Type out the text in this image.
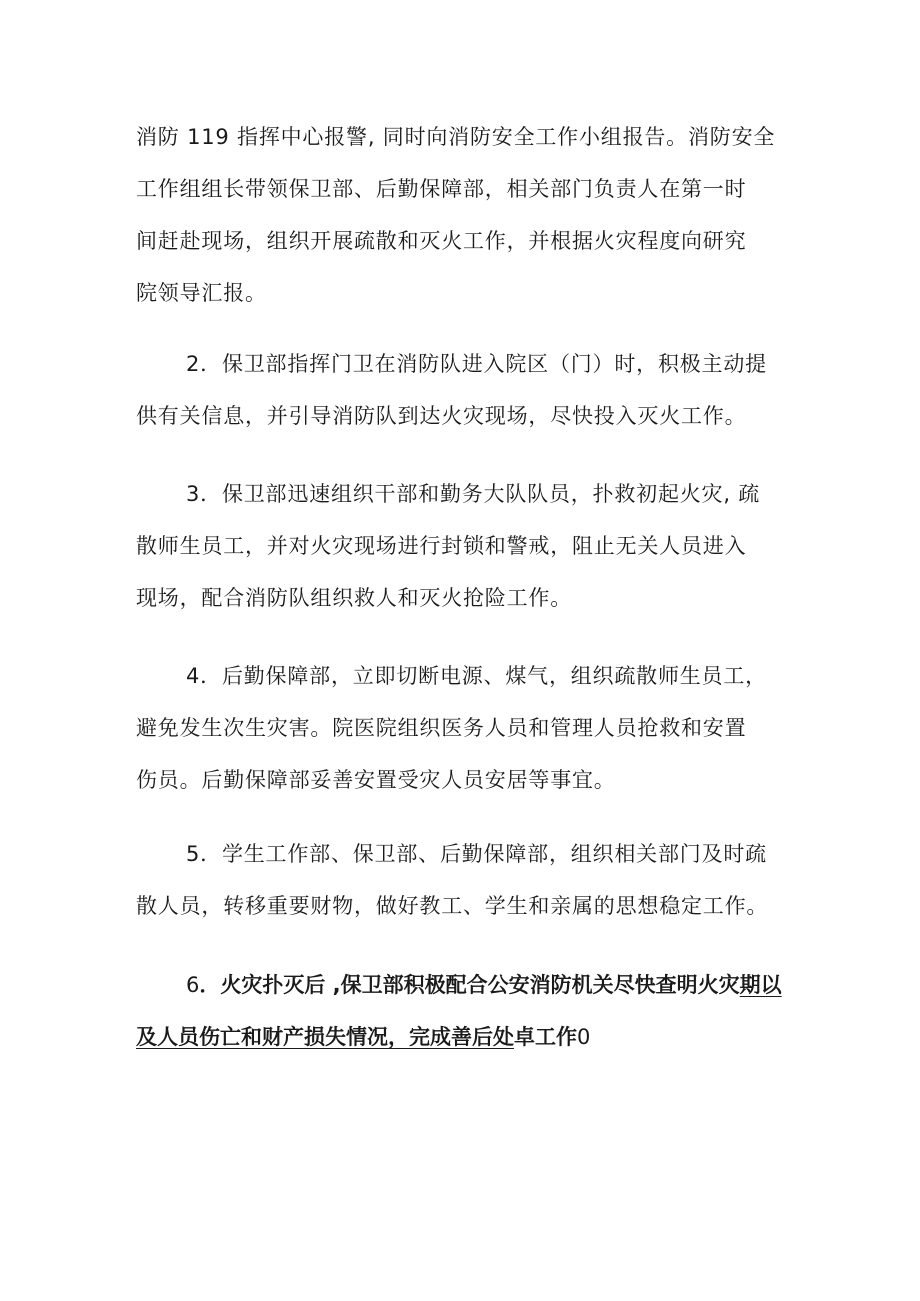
消防 119 指挥中心报警, 同时向消防安全工作小组报告。消防安全
工作组组长带领保卫部、后勤保障部，相关部门负责人在第一时
间赶赴现场，组织开展疏散和灭火工作，并根据火灾程度向研究
院领导汇报。
2．保卫部指挥门卫在消防队进入院区（门）时，积极主动提
供有关信息，并引导消防队到达火灾现场，尽快投入灭火工作。
3．保卫部迅速组织干部和勤务大队队员，扑救初起火灾, 疏
散师生员工，并对火灾现场进行封锁和警戒，阻止无关人员进入
现场，配合消防队组织救人和灭火抢险工作。
4．后勤保障部，立即切断电源、煤气，组织疏散师生员工，
避免发生次生灾害。院医院组织医务人员和管理人员抢救和安置
伤员。后勤保障部妥善安置受灾人员安居等事宜。
5．学生工作部、保卫部、后勤保障部，组织相关部门及时疏
散人员，转移重要财物，做好教工、学生和亲属的思想稳定工作。
6．火灾扑灭后 ,保卫部积极配合公安消防机关尽快查明火灾期以
及人员伤亡和财产损失情况，完成善后处卓工作0
